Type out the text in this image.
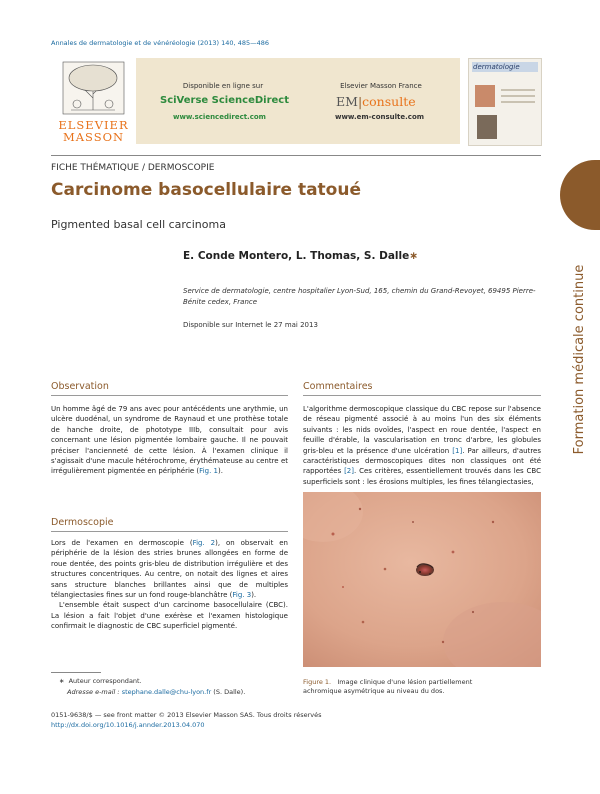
Annales de dermatologie et de vénéréologie (2013) 140, 485—486
ELSEVIER
MASSON
Disponible en ligne sur
SciVerse ScienceDirect
www.sciencedirect.com
Elsevier Masson France
EM|consulte
www.em-consulte.com
dermatologie
Formation médicale continue
FICHE THÉMATIQUE / DERMOSCOPIE
Carcinome basocellulaire tatoué
Pigmented basal cell carcinoma
E. Conde Montero, L. Thomas, S. Dalle∗
Service de dermatologie, centre hospitalier Lyon-Sud, 165, chemin du Grand-Revoyet, 69495 Pierre-Bénite cedex, France
Disponible sur Internet le 27 mai 2013
Observation

Un homme âgé de 79 ans avec pour antécédents une arythmie, un ulcère duodénal, un syndrome de Raynaud et une prothèse totale de hanche droite, de phototype IIIb, consultait pour avis concernant une lésion pigmentée lombaire gauche. Il ne pouvait préciser l'ancienneté de cette lésion. À l'examen clinique il s'agissait d'une macule hétérochrome, érythémateuse au centre et irrégulièrement pigmentée en périphérie (Fig. 1).

Dermoscopie

Lors de l'examen en dermoscopie (Fig. 2), on observait en périphérie de la lésion des stries brunes allongées en forme de roue dentée, des points gris-bleu de distribution irrégulière et des structures concentriques. Au centre, on notait des lignes et aires sans structure blanches brillantes ainsi que de multiples télangiectasies fines sur un fond rouge-blanchâtre (Fig. 3).

L'ensemble était suspect d'un carcinome basocellulaire (CBC). La lésion a fait l'objet d'une exérèse et l'examen histologique confirmait le diagnostic de CBC superficiel pigmenté.

Commentaires

L'algorithme dermoscopique classique du CBC repose sur l'absence de réseau pigmenté associé à au moins l'un des six éléments suivants : les nids ovoïdes, l'aspect en roue dentée, l'aspect en feuille d'érable, la vascularisation en tronc d'arbre, les globules gris-bleu et la présence d'une ulcération [1]. Par ailleurs, d'autres caractéristiques dermoscopiques dites non classiques ont été rapportées [2]. Ces critères, essentiellement trouvés dans les CBC superficiels sont : les érosions multiples, les fines télangiectasies,

Figure 1. Image clinique d'une lésion partiellement achromique asymétrique au niveau du dos.
∗ Auteur correspondant.
Adresse e-mail : stephane.dalle@chu-lyon.fr (S. Dalle).
0151-9638/$ — see front matter © 2013 Elsevier Masson SAS. Tous droits réservés
http://dx.doi.org/10.1016/j.annder.2013.04.070
